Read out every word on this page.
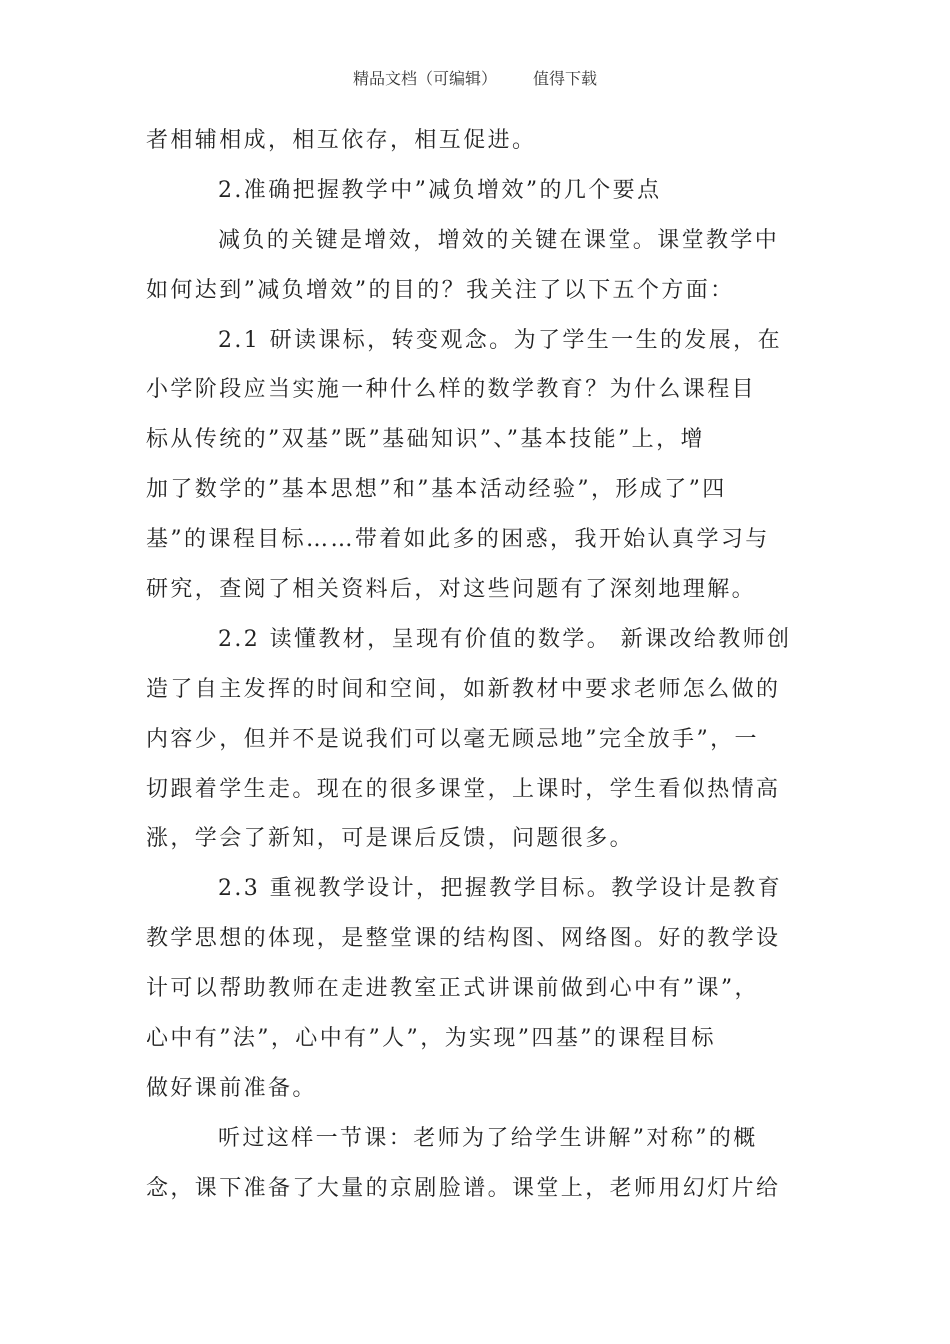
精品文档（可编辑） 值得下载
者相辅相成，相互依存，相互促进。
2.准确把握教学中”减负增效”的几个要点
减负的关键是增效，增效的关键在课堂。课堂教学中
如何达到”减负增效”的目的？我关注了以下五个方面：
2.1 研读课标，转变观念。为了学生一生的发展，在
小学阶段应当实施一种什么样的数学教育？为什么课程目
标从传统的”双基”既”基础知识”、”基本技能”上，增
加了数学的”基本思想”和”基本活动经验”，形成了”四
基”的课程目标……带着如此多的困惑，我开始认真学习与
研究，查阅了相关资料后，对这些问题有了深刻地理解。
2.2 读懂教材，呈现有价值的数学。 新课改给教师创
造了自主发挥的时间和空间，如新教材中要求老师怎么做的
内容少，但并不是说我们可以毫无顾忌地”完全放手”，一
切跟着学生走。现在的很多课堂，上课时，学生看似热情高
涨，学会了新知，可是课后反馈，问题很多。
2.3 重视教学设计，把握教学目标。教学设计是教育
教学思想的体现，是整堂课的结构图、网络图。好的教学设
计可以帮助教师在走进教室正式讲课前做到心中有”课”，
心中有”法”，心中有”人”，为实现”四基”的课程目标
做好课前准备。
听过这样一节课：老师为了给学生讲解”对称”的概
念，课下准备了大量的京剧脸谱。课堂上，老师用幻灯片给
